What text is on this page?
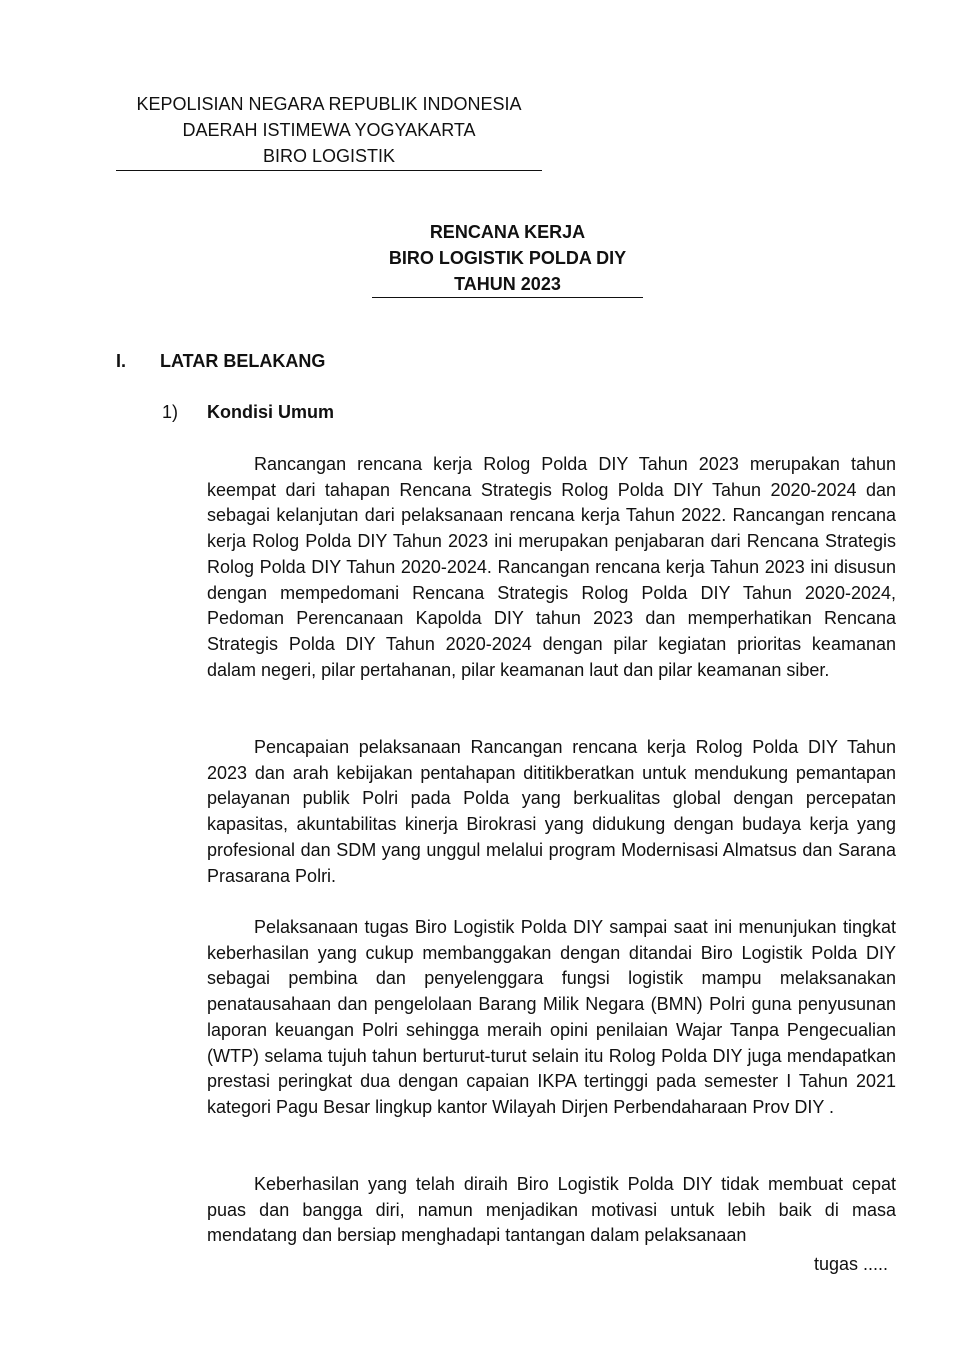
KEPOLISIAN NEGARA REPUBLIK INDONESIA
DAERAH ISTIMEWA YOGYAKARTA
BIRO LOGISTIK
RENCANA KERJA
BIRO LOGISTIK POLDA DIY
TAHUN 2023
I.	LATAR BELAKANG
1)	Kondisi Umum

Rancangan rencana kerja Rolog Polda DIY Tahun 2023 merupakan tahun keempat dari tahapan Rencana Strategis Rolog Polda DIY Tahun 2020-2024 dan sebagai kelanjutan dari pelaksanaan rencana kerja Tahun 2022. Rancangan rencana kerja Rolog Polda DIY Tahun 2023 ini merupakan penjabaran dari Rencana Strategis Rolog Polda DIY Tahun 2020-2024. Rancangan rencana kerja Tahun 2023 ini disusun dengan mempedomani Rencana Strategis Rolog Polda DIY Tahun 2020-2024, Pedoman Perencanaan Kapolda DIY tahun 2023 dan memperhatikan Rencana Strategis Polda DIY Tahun 2020-2024 dengan pilar kegiatan prioritas keamanan dalam negeri, pilar pertahanan, pilar keamanan laut dan pilar keamanan siber.

Pencapaian pelaksanaan Rancangan rencana kerja Rolog Polda DIY Tahun 2023 dan arah kebijakan pentahapan dititikberatkan untuk mendukung pemantapan pelayanan publik Polri pada Polda yang berkualitas global dengan percepatan kapasitas, akuntabilitas kinerja Birokrasi yang didukung dengan budaya kerja yang profesional dan SDM yang unggul melalui program Modernisasi Almatsus dan Sarana Prasarana Polri.

Pelaksanaan tugas Biro Logistik Polda DIY sampai saat ini menunjukan tingkat keberhasilan yang cukup membanggakan dengan ditandai Biro Logistik Polda DIY sebagai pembina dan penyelenggara fungsi logistik mampu melaksanakan penatausahaan dan pengelolaan Barang Milik Negara (BMN) Polri guna penyusunan laporan keuangan Polri sehingga meraih opini penilaian Wajar Tanpa Pengecualian (WTP) selama tujuh tahun berturut-turut selain itu Rolog Polda DIY juga mendapatkan prestasi peringkat dua dengan capaian IKPA tertinggi pada semester I Tahun 2021 kategori Pagu Besar lingkup kantor Wilayah Dirjen Perbendaharaan Prov DIY .

Keberhasilan yang telah diraih Biro Logistik Polda DIY tidak membuat cepat puas dan bangga diri, namun menjadikan motivasi untuk lebih baik di masa mendatang dan bersiap menghadapi tantangan dalam pelaksanaan

tugas .....
